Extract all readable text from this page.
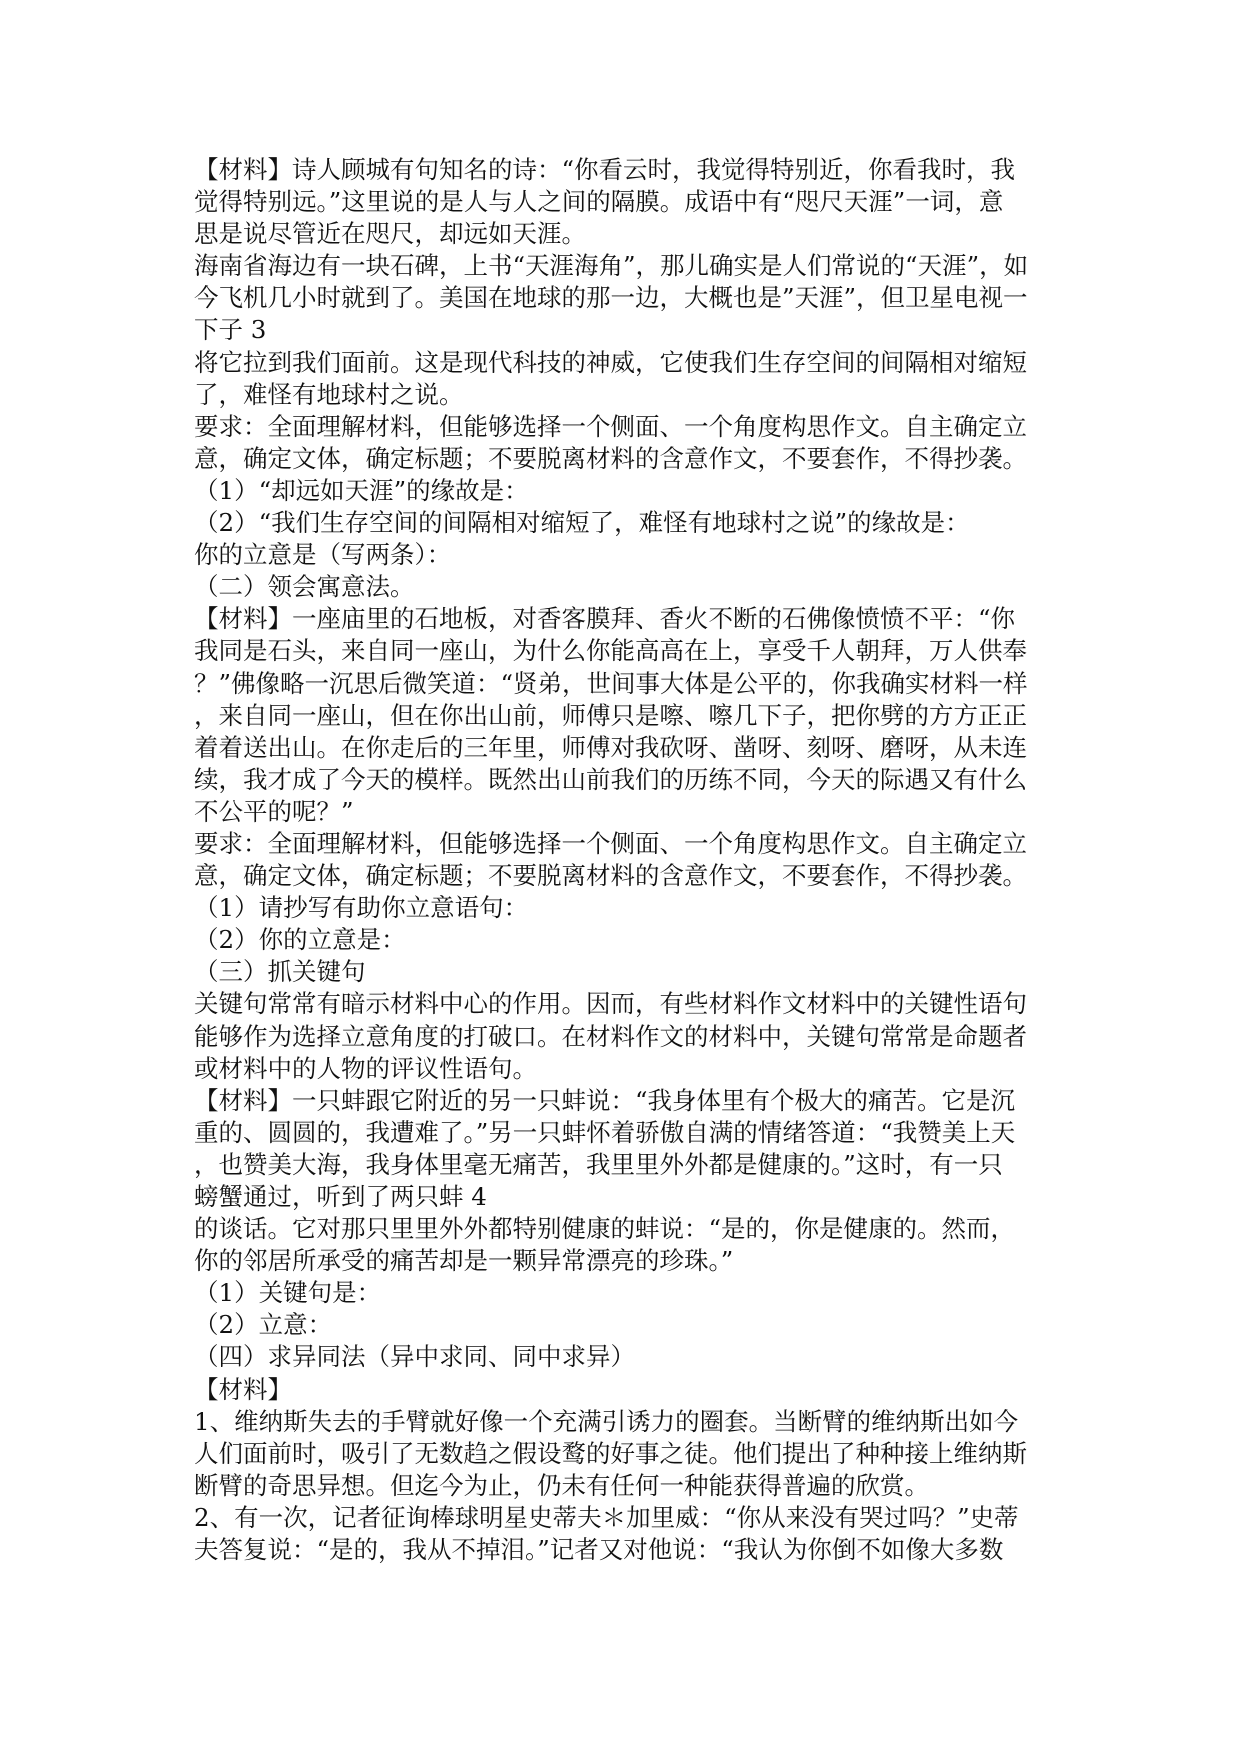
【材料】诗人顾城有句知名的诗：“你看云时，我觉得特别近，你看我时，我
觉得特别远。”这里说的是人与人之间的隔膜。成语中有“咫尺天涯”一词，意
思是说尽管近在咫尺，却远如天涯。
海南省海边有一块石碑，上书“天涯海角”，那儿确实是人们常说的“天涯”，如
今飞机几小时就到了。美国在地球的那一边，大概也是”天涯”，但卫星电视一
下子 3
将它拉到我们面前。这是现代科技的神威，它使我们生存空间的间隔相对缩短
了，难怪有地球村之说。
要求：全面理解材料，但能够选择一个侧面、一个角度构思作文。自主确定立
意，确定文体，确定标题；不要脱离材料的含意作文，不要套作，不得抄袭。
（1）“却远如天涯”的缘故是：
（2）“我们生存空间的间隔相对缩短了，难怪有地球村之说”的缘故是：
你的立意是（写两条）：
（二）领会寓意法。
【材料】一座庙里的石地板，对香客膜拜、香火不断的石佛像愤愤不平：“你
我同是石头，来自同一座山，为什么你能高高在上，享受千人朝拜，万人供奉
？”佛像略一沉思后微笑道：“贤弟，世间事大体是公平的，你我确实材料一样
，来自同一座山，但在你出山前，师傅只是嚓、嚓几下子，把你劈的方方正正
着着送出山。在你走后的三年里，师傅对我砍呀、凿呀、刻呀、磨呀，从未连
续，我才成了今天的模样。既然出山前我们的历练不同，今天的际遇又有什么
不公平的呢？”
要求：全面理解材料，但能够选择一个侧面、一个角度构思作文。自主确定立
意，确定文体，确定标题；不要脱离材料的含意作文，不要套作，不得抄袭。
（1）请抄写有助你立意语句：
（2）你的立意是：
（三）抓关键句
关键句常常有暗示材料中心的作用。因而，有些材料作文材料中的关键性语句
能够作为选择立意角度的打破口。在材料作文的材料中，关键句常常是命题者
或材料中的人物的评议性语句。
【材料】一只蚌跟它附近的另一只蚌说：“我身体里有个极大的痛苦。它是沉
重的、圆圆的，我遭难了。”另一只蚌怀着骄傲自满的情绪答道：“我赞美上天
，也赞美大海，我身体里毫无痛苦，我里里外外都是健康的。”这时，有一只
螃蟹通过，听到了两只蚌 4
的谈话。它对那只里里外外都特别健康的蚌说：“是的，你是健康的。然而，
你的邻居所承受的痛苦却是一颗异常漂亮的珍珠。”
（1）关键句是：
（2）立意：
（四）求异同法（异中求同、同中求异）
【材料】
1、维纳斯失去的手臂就好像一个充满引诱力的圈套。当断臂的维纳斯出如今
人们面前时，吸引了无数趋之假设鹜的好事之徒。他们提出了种种接上维纳斯
断臂的奇思异想。但迄今为止，仍未有任何一种能获得普遍的欣赏。
2、有一次，记者征询棒球明星史蒂夫＊加里威：“你从来没有哭过吗？”史蒂
夫答复说：“是的，我从不掉泪。”记者又对他说：“我认为你倒不如像大多数
